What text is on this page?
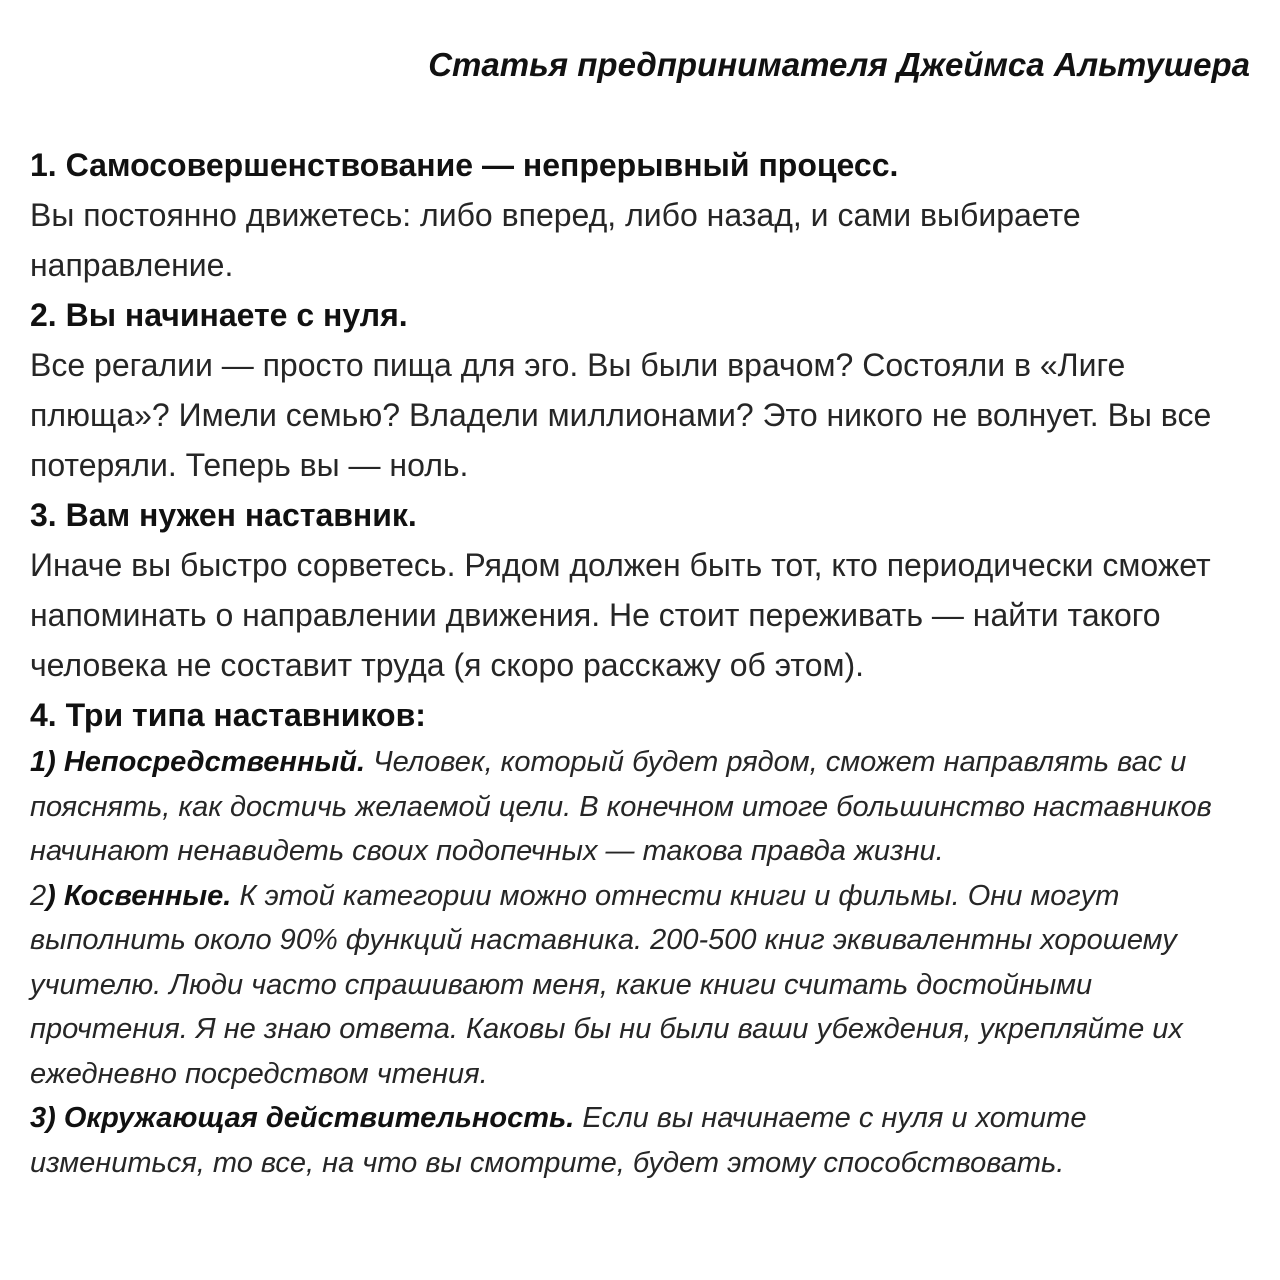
Статья предпринимателя Джеймса Альтушера

1. Самосовершенствование — непрерывный процесс.

Вы постоянно движетесь: либо вперед, либо назад, и сами выбираете направление.

2. Вы начинаете с нуля.

Все регалии — просто пища для эго. Вы были врачом? Состояли в «Лиге плюща»? Имели семью? Владели миллионами? Это никого не волнует. Вы все потеряли. Теперь вы — ноль.

3. Вам нужен наставник.

Иначе вы быстро сорветесь. Рядом должен быть тот, кто периодически сможет напоминать о направлении движения. Не стоит переживать — найти такого человека не составит труда (я скоро расскажу об этом).

4. Три типа наставников:

1) Непосредственный. Человек, который будет рядом, сможет направлять вас и пояснять, как достичь желаемой цели. В конечном итоге большинство наставников начинают ненавидеть своих подопечных — такова правда жизни.

2) Косвенные. К этой категории можно отнести книги и фильмы. Они могут выполнить около 90% функций наставника. 200-500 книг эквивалентны хорошему учителю. Люди часто спрашивают меня, какие книги считать достойными прочтения. Я не знаю ответа. Каковы бы ни были ваши убеждения, укрепляйте их ежедневно посредством чтения.

3) Окружающая действительность. Если вы начинаете с нуля и хотите измениться, то все, на что вы смотрите, будет этому способствовать.
